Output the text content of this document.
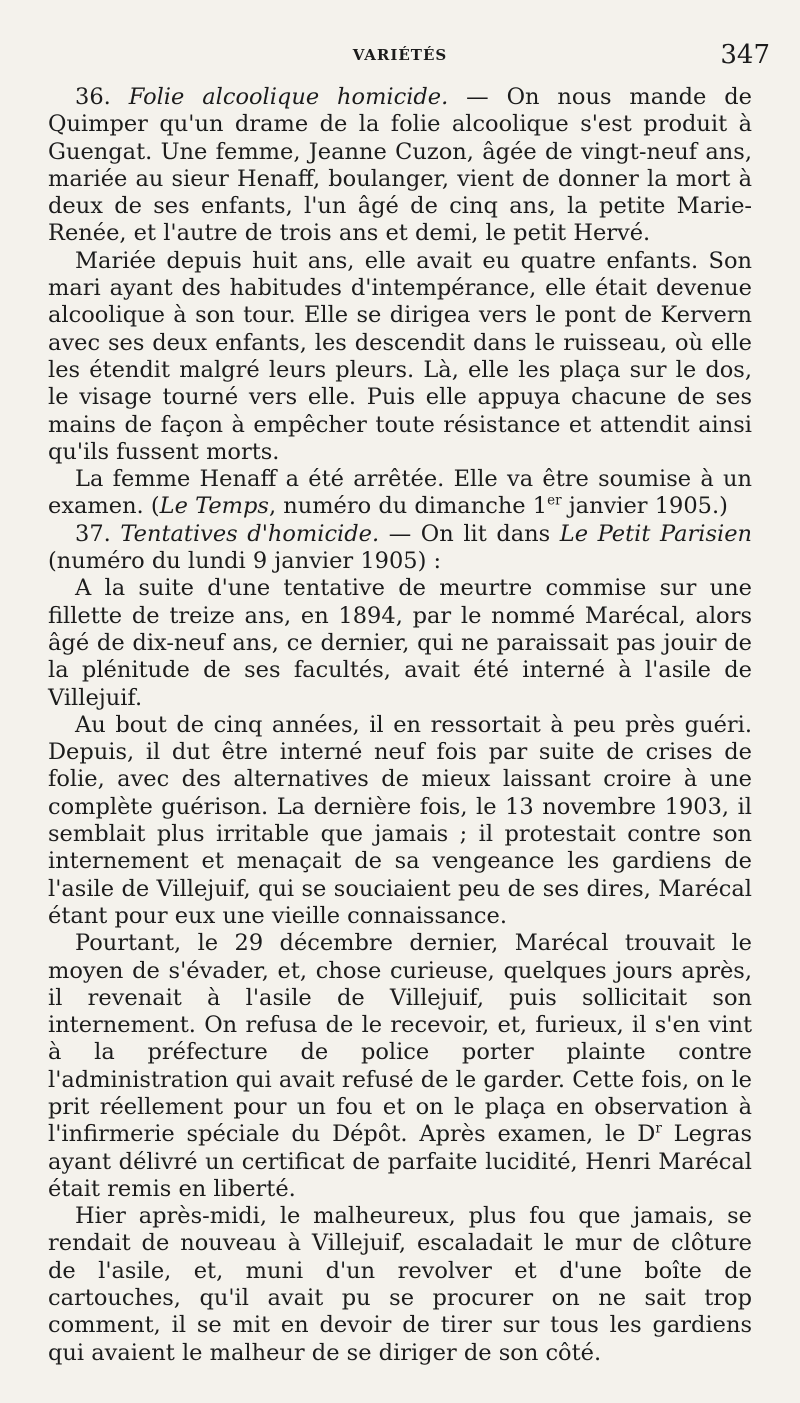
VARIÉTÉS	347

36. Folie alcoolique homicide. — On nous mande de Quimper qu'un drame de la folie alcoolique s'est produit à Guengat. Une femme, Jeanne Cuzon, âgée de vingt-neuf ans, mariée au sieur Henaff, boulanger, vient de donner la mort à deux de ses enfants, l'un âgé de cinq ans, la petite Marie-Renée, et l'autre de trois ans et demi, le petit Hervé.

Mariée depuis huit ans, elle avait eu quatre enfants. Son mari ayant des habitudes d'intempérance, elle était devenue alcoolique à son tour. Elle se dirigea vers le pont de Kervern avec ses deux enfants, les descendit dans le ruisseau, où elle les étendit malgré leurs pleurs. Là, elle les plaça sur le dos, le visage tourné vers elle. Puis elle appuya chacune de ses mains de façon à empêcher toute résistance et attendit ainsi qu'ils fussent morts.

La femme Henaff a été arrêtée. Elle va être soumise à un examen. (Le Temps, numéro du dimanche 1er janvier 1905.)

37. Tentatives d'homicide. — On lit dans Le Petit Parisien (numéro du lundi 9 janvier 1905) :

A la suite d'une tentative de meurtre commise sur une fillette de treize ans, en 1894, par le nommé Marécal, alors âgé de dix-neuf ans, ce dernier, qui ne paraissait pas jouir de la plénitude de ses facultés, avait été interné à l'asile de Villejuif.

Au bout de cinq années, il en ressortait à peu près guéri. Depuis, il dut être interné neuf fois par suite de crises de folie, avec des alternatives de mieux laissant croire à une complète guérison. La dernière fois, le 13 novembre 1903, il semblait plus irritable que jamais ; il protestait contre son internement et menaçait de sa vengeance les gardiens de l'asile de Villejuif, qui se souciaient peu de ses dires, Marécal étant pour eux une vieille connaissance.

Pourtant, le 29 décembre dernier, Marécal trouvait le moyen de s'évader, et, chose curieuse, quelques jours après, il revenait à l'asile de Villejuif, puis sollicitait son internement. On refusa de le recevoir, et, furieux, il s'en vint à la préfecture de police porter plainte contre l'administration qui avait refusé de le garder. Cette fois, on le prit réellement pour un fou et on le plaça en observation à l'infirmerie spéciale du Dépôt. Après examen, le $D^r$ Legras ayant délivré un certificat de parfaite lucidité, Henri Marécal était remis en liberté.

Hier après-midi, le malheureux, plus fou que jamais, se rendait de nouveau à Villejuif, escaladait le mur de clôture de l'asile, et, muni d'un revolver et d'une boîte de cartouches, qu'il avait pu se procurer on ne sait trop comment, il se mit en devoir de tirer sur tous les gardiens qui avaient le malheur de se diriger de son côté.
